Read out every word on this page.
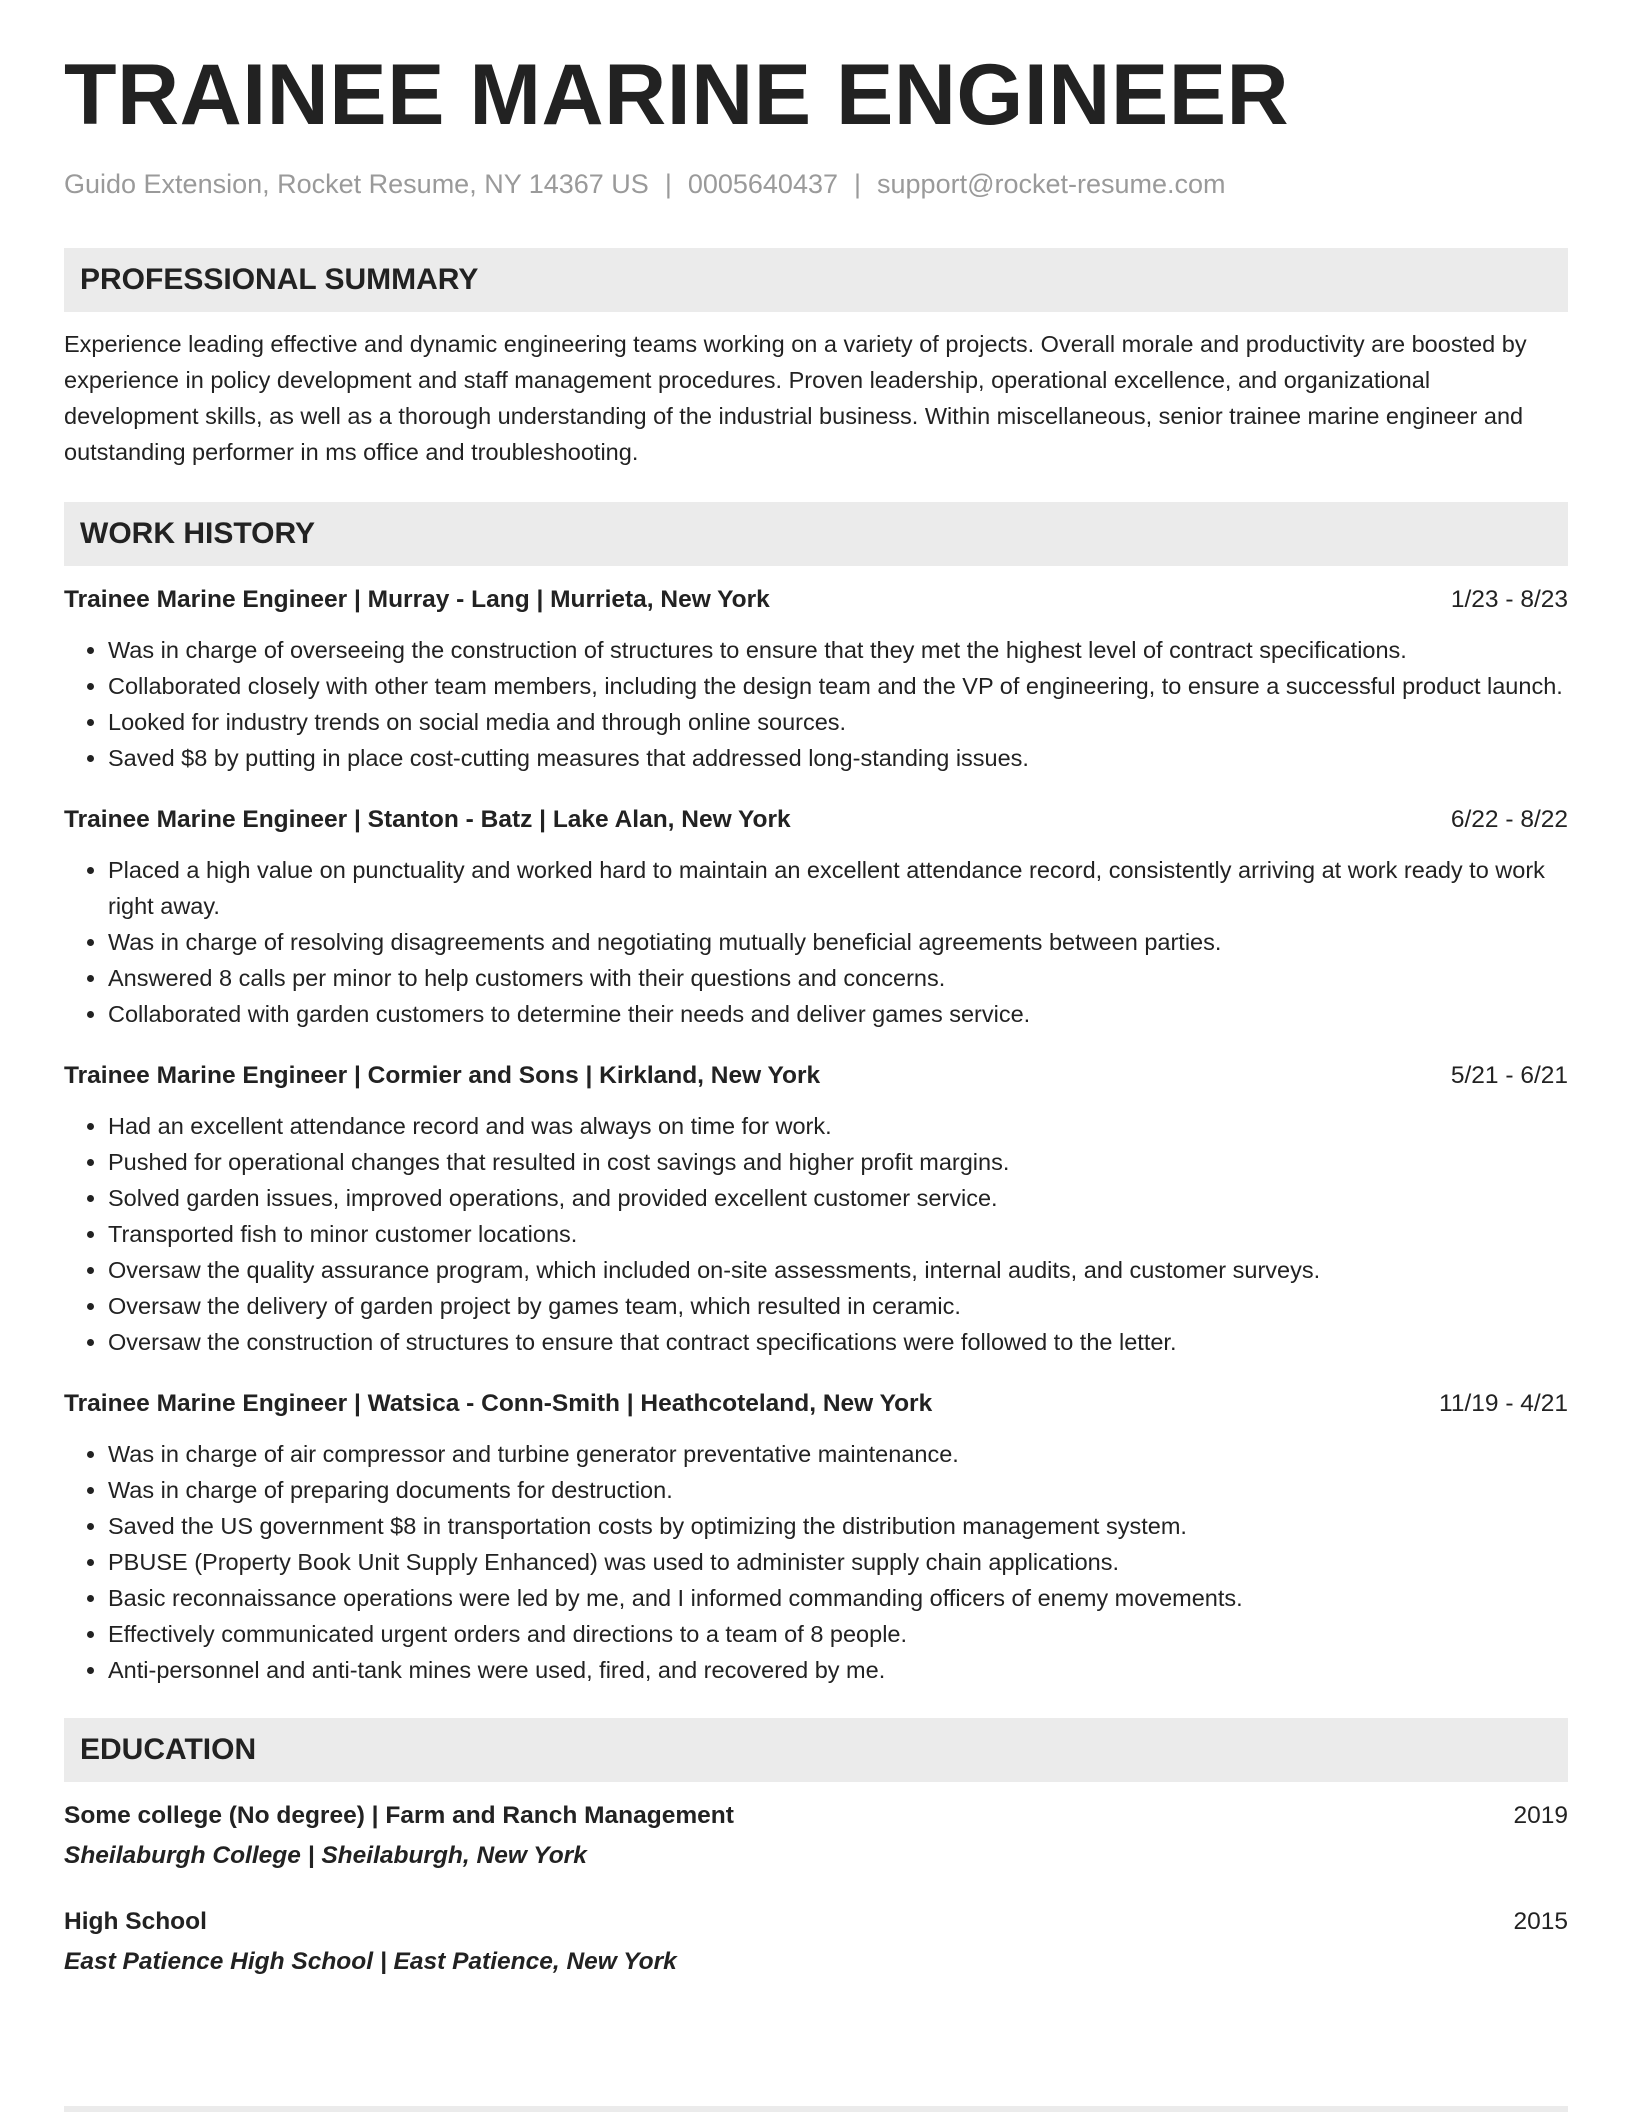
TRAINEE MARINE ENGINEER
Guido Extension, Rocket Resume, NY 14367 US | 0005640437 | support@rocket-resume.com
PROFESSIONAL SUMMARY

Experience leading effective and dynamic engineering teams working on a variety of projects. Overall morale and productivity are boosted by experience in policy development and staff management procedures. Proven leadership, operational excellence, and organizational development skills, as well as a thorough understanding of the industrial business. Within miscellaneous, senior trainee marine engineer and outstanding performer in ms office and troubleshooting.

WORK HISTORY
Trainee Marine Engineer | Murray - Lang | Murrieta, New York	1/23 - 8/23
• Was in charge of overseeing the construction of structures to ensure that they met the highest level of contract specifications.
• Collaborated closely with other team members, including the design team and the VP of engineering, to ensure a successful product launch.
• Looked for industry trends on social media and through online sources.
• Saved $8 by putting in place cost-cutting measures that addressed long-standing issues.
Trainee Marine Engineer | Stanton - Batz | Lake Alan, New York	6/22 - 8/22
• Placed a high value on punctuality and worked hard to maintain an excellent attendance record, consistently arriving at work ready to work right away.
• Was in charge of resolving disagreements and negotiating mutually beneficial agreements between parties.
• Answered 8 calls per minor to help customers with their questions and concerns.
• Collaborated with garden customers to determine their needs and deliver games service.
Trainee Marine Engineer | Cormier and Sons | Kirkland, New York	5/21 - 6/21
• Had an excellent attendance record and was always on time for work.
• Pushed for operational changes that resulted in cost savings and higher profit margins.
• Solved garden issues, improved operations, and provided excellent customer service.
• Transported fish to minor customer locations.
• Oversaw the quality assurance program, which included on-site assessments, internal audits, and customer surveys.
• Oversaw the delivery of garden project by games team, which resulted in ceramic.
• Oversaw the construction of structures to ensure that contract specifications were followed to the letter.
Trainee Marine Engineer | Watsica - Conn-Smith | Heathcoteland, New York	11/19 - 4/21
• Was in charge of air compressor and turbine generator preventative maintenance.
• Was in charge of preparing documents for destruction.
• Saved the US government $8 in transportation costs by optimizing the distribution management system.
• PBUSE (Property Book Unit Supply Enhanced) was used to administer supply chain applications.
• Basic reconnaissance operations were led by me, and I informed commanding officers of enemy movements.
• Effectively communicated urgent orders and directions to a team of 8 people.
• Anti-personnel and anti-tank mines were used, fired, and recovered by me.
EDUCATION
Some college (No degree) | Farm and Ranch Management	2019
Sheilaburgh College | Sheilaburgh, New York
High School	2015
East Patience High School | East Patience, New York
